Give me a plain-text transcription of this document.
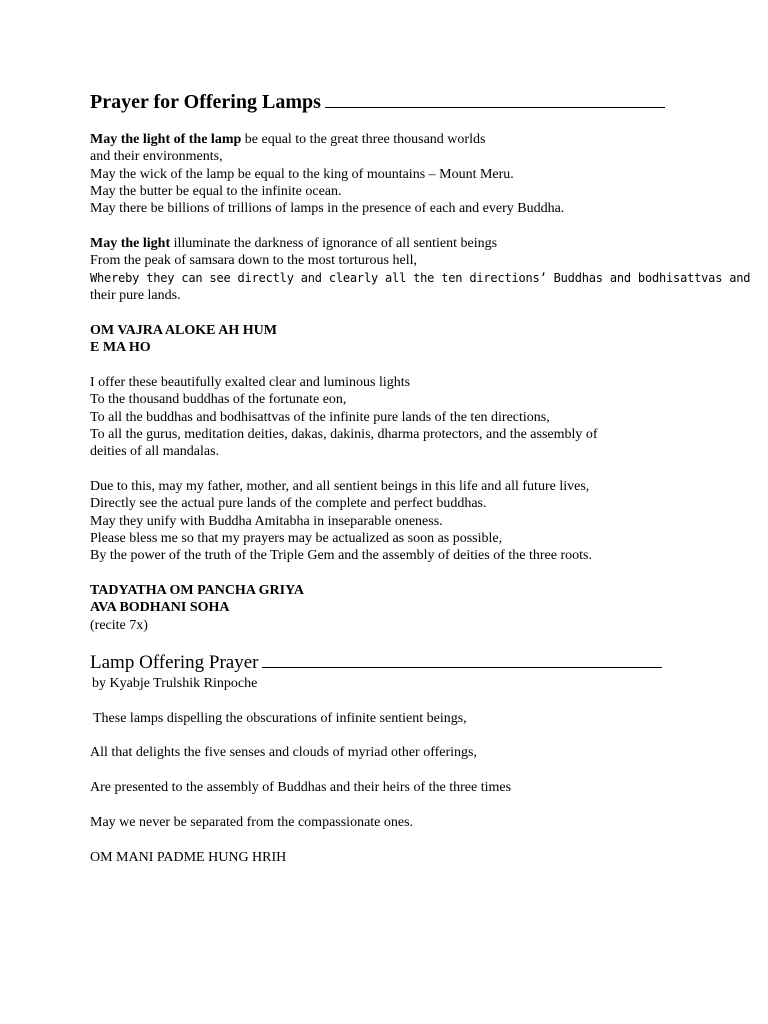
Prayer for Offering Lamps
May the light of the lamp be equal to the great three thousand worlds
and their environments,
May the wick of the lamp be equal to the king of mountains – Mount Meru.
May the butter be equal to the infinite ocean.
May there be billions of trillions of lamps in the presence of each and every Buddha.
May the light illuminate the darkness of ignorance of all sentient beings
From the peak of samsara down to the most torturous hell,
Whereby they can see directly and clearly all the ten directions’ Buddhas and bodhisattvas and
their pure lands.
OM VAJRA ALOKE AH HUM
E MA HO
I offer these beautifully exalted clear and luminous lights
To the thousand buddhas of the fortunate eon,
To all the buddhas and bodhisattvas of the infinite pure lands of the ten directions,
To all the gurus, meditation deities, dakas, dakinis, dharma protectors, and the assembly of
deities of all mandalas.
Due to this, may my father, mother, and all sentient beings in this life and all future lives,
Directly see the actual pure lands of the complete and perfect buddhas.
May they unify with Buddha Amitabha in inseparable oneness.
Please bless me so that my prayers may be actualized as soon as possible,
By the power of the truth of the Triple Gem and the assembly of deities of the three roots.
TADYATHA OM PANCHA GRIYA
AVA BODHANI SOHA
(recite 7x)
Lamp Offering Prayer
by Kyabje Trulshik Rinpoche
These lamps dispelling the obscurations of infinite sentient beings,
All that delights the five senses and clouds of myriad other offerings,
Are presented to the assembly of Buddhas and their heirs of the three times
May we never be separated from the compassionate ones.
OM MANI PADME HUNG HRIH
